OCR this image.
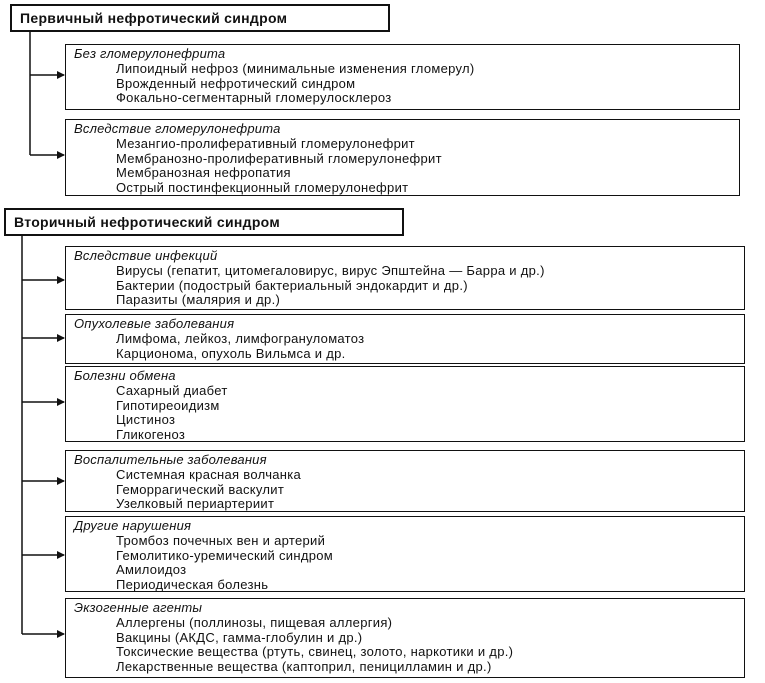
Первичный нефротический синдром
Без гломерулонефрита
Липоидный нефроз (минимальные изменения гломерул)
Врожденный нефротический синдром
Фокально-сегментарный гломерулосклероз
Вследствие гломерулонефрита
Мезангио-пролиферативный гломерулонефрит
Мембранозно-пролиферативный гломерулонефрит
Мембранозная нефропатия
Острый постинфекционный гломерулонефрит
Вторичный нефротический синдром
Вследствие инфекций
Вирусы (гепатит, цитомегаловирус, вирус Эпштейна — Барра и др.)
Бактерии (подострый бактериальный эндокардит и др.)
Паразиты (малярия и др.)
Опухолевые заболевания
Лимфома, лейкоз, лимфогрануломатоз
Карционома, опухоль Вильмса и др.
Болезни обмена
Сахарный диабет
Гипотиреоидизм
Цистиноз
Гликогеноз
Воспалительные заболевания
Системная красная волчанка
Геморрагический васкулит
Узелковый периартериит
Другие нарушения
Тромбоз почечных вен и артерий
Гемолитико-уремический синдром
Амилоидоз
Периодическая болезнь
Экзогенные агенты
Аллергены (поллинозы, пищевая аллергия)
Вакцины (АКДС, гамма-глобулин и др.)
Токсические вещества (ртуть, свинец, золото, наркотики и др.)
Лекарственные вещества (каптоприл, пеницилламин и др.)
